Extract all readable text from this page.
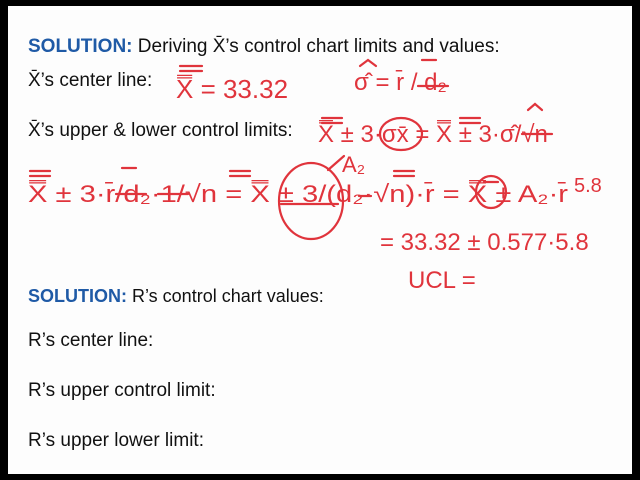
SOLUTION: Deriving X̄’s control chart limits and values:
X̄’s center line:
X̄’s upper & lower control limits:
SOLUTION: R’s control chart values:
R’s center line:
R’s upper control limit:
R’s upper lower limit:
X̿ = 33.32	σ̂ = r̄ / d₂
X̿ ± 3·σx̄ = X̿ ± 3·σ̂/√n
X̿ ± 3·r̄/d₂·1/√n = X̿ ± 3/(d₂·√n)·r̄ = X̿ ± A₂·r̄
A₂
5.8
= 33.32 ± 0.577·5.8
UCL =
